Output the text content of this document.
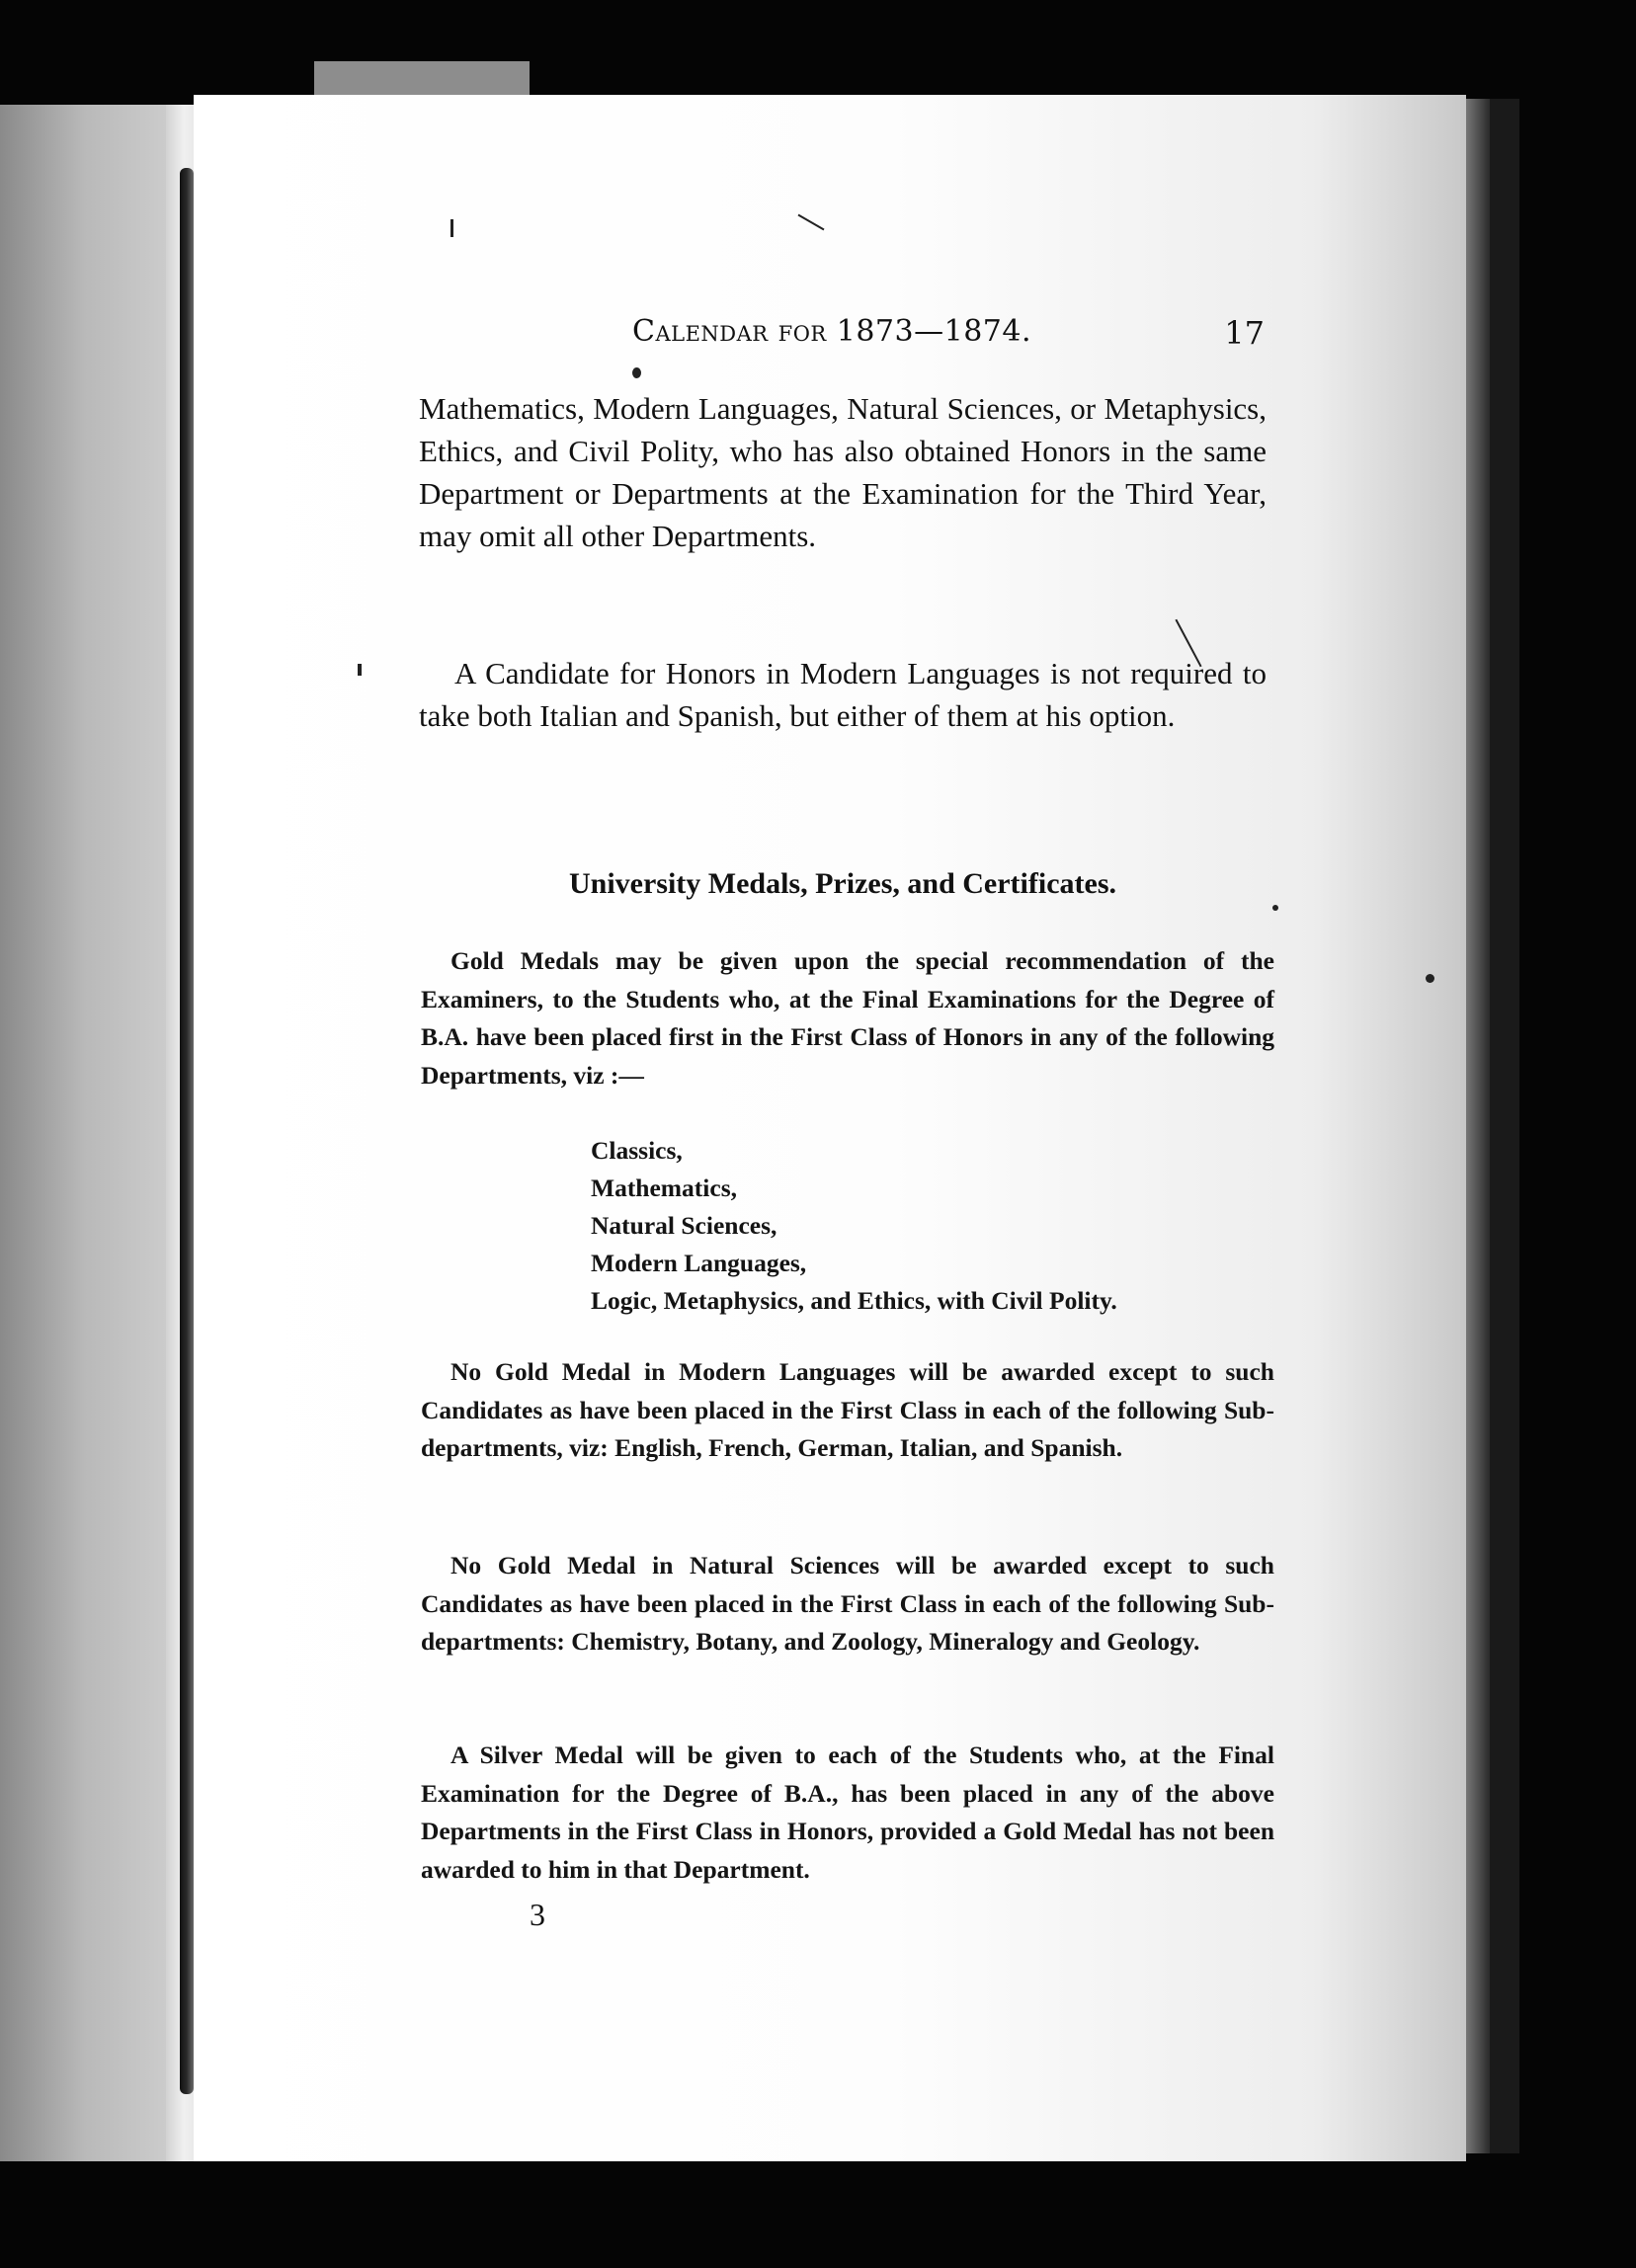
Calendar for 1873—1874.	17

Mathematics, Modern Languages, Natural Sciences, or Metaphysics, Ethics, and Civil Polity, who has also obtained Honors in the same Department or Departments at the Examination for the Third Year, may omit all other Departments.

A Candidate for Honors in Modern Languages is not required to take both Italian and Spanish, but either of them at his option.

University Medals, Prizes, and Certificates.

Gold Medals may be given upon the special recommendation of the Examiners, to the Students who, at the Final Examinations for the Degree of B.A. have been placed first in the First Class of Honors in any of the following Departments, viz :—

Classics,
Mathematics,
Natural Sciences,
Modern Languages,
Logic, Metaphysics, and Ethics, with Civil Polity.

No Gold Medal in Modern Languages will be awarded except to such Candidates as have been placed in the First Class in each of the following Sub-departments, viz: English, French, German, Italian, and Spanish.

No Gold Medal in Natural Sciences will be awarded except to such Candidates as have been placed in the First Class in each of the following Sub-departments: Chemistry, Botany, and Zoology, Mineralogy and Geology.

A Silver Medal will be given to each of the Students who, at the Final Examination for the Degree of B.A., has been placed in any of the above Departments in the First Class in Honors, provided a Gold Medal has not been awarded to him in that Department.

3
